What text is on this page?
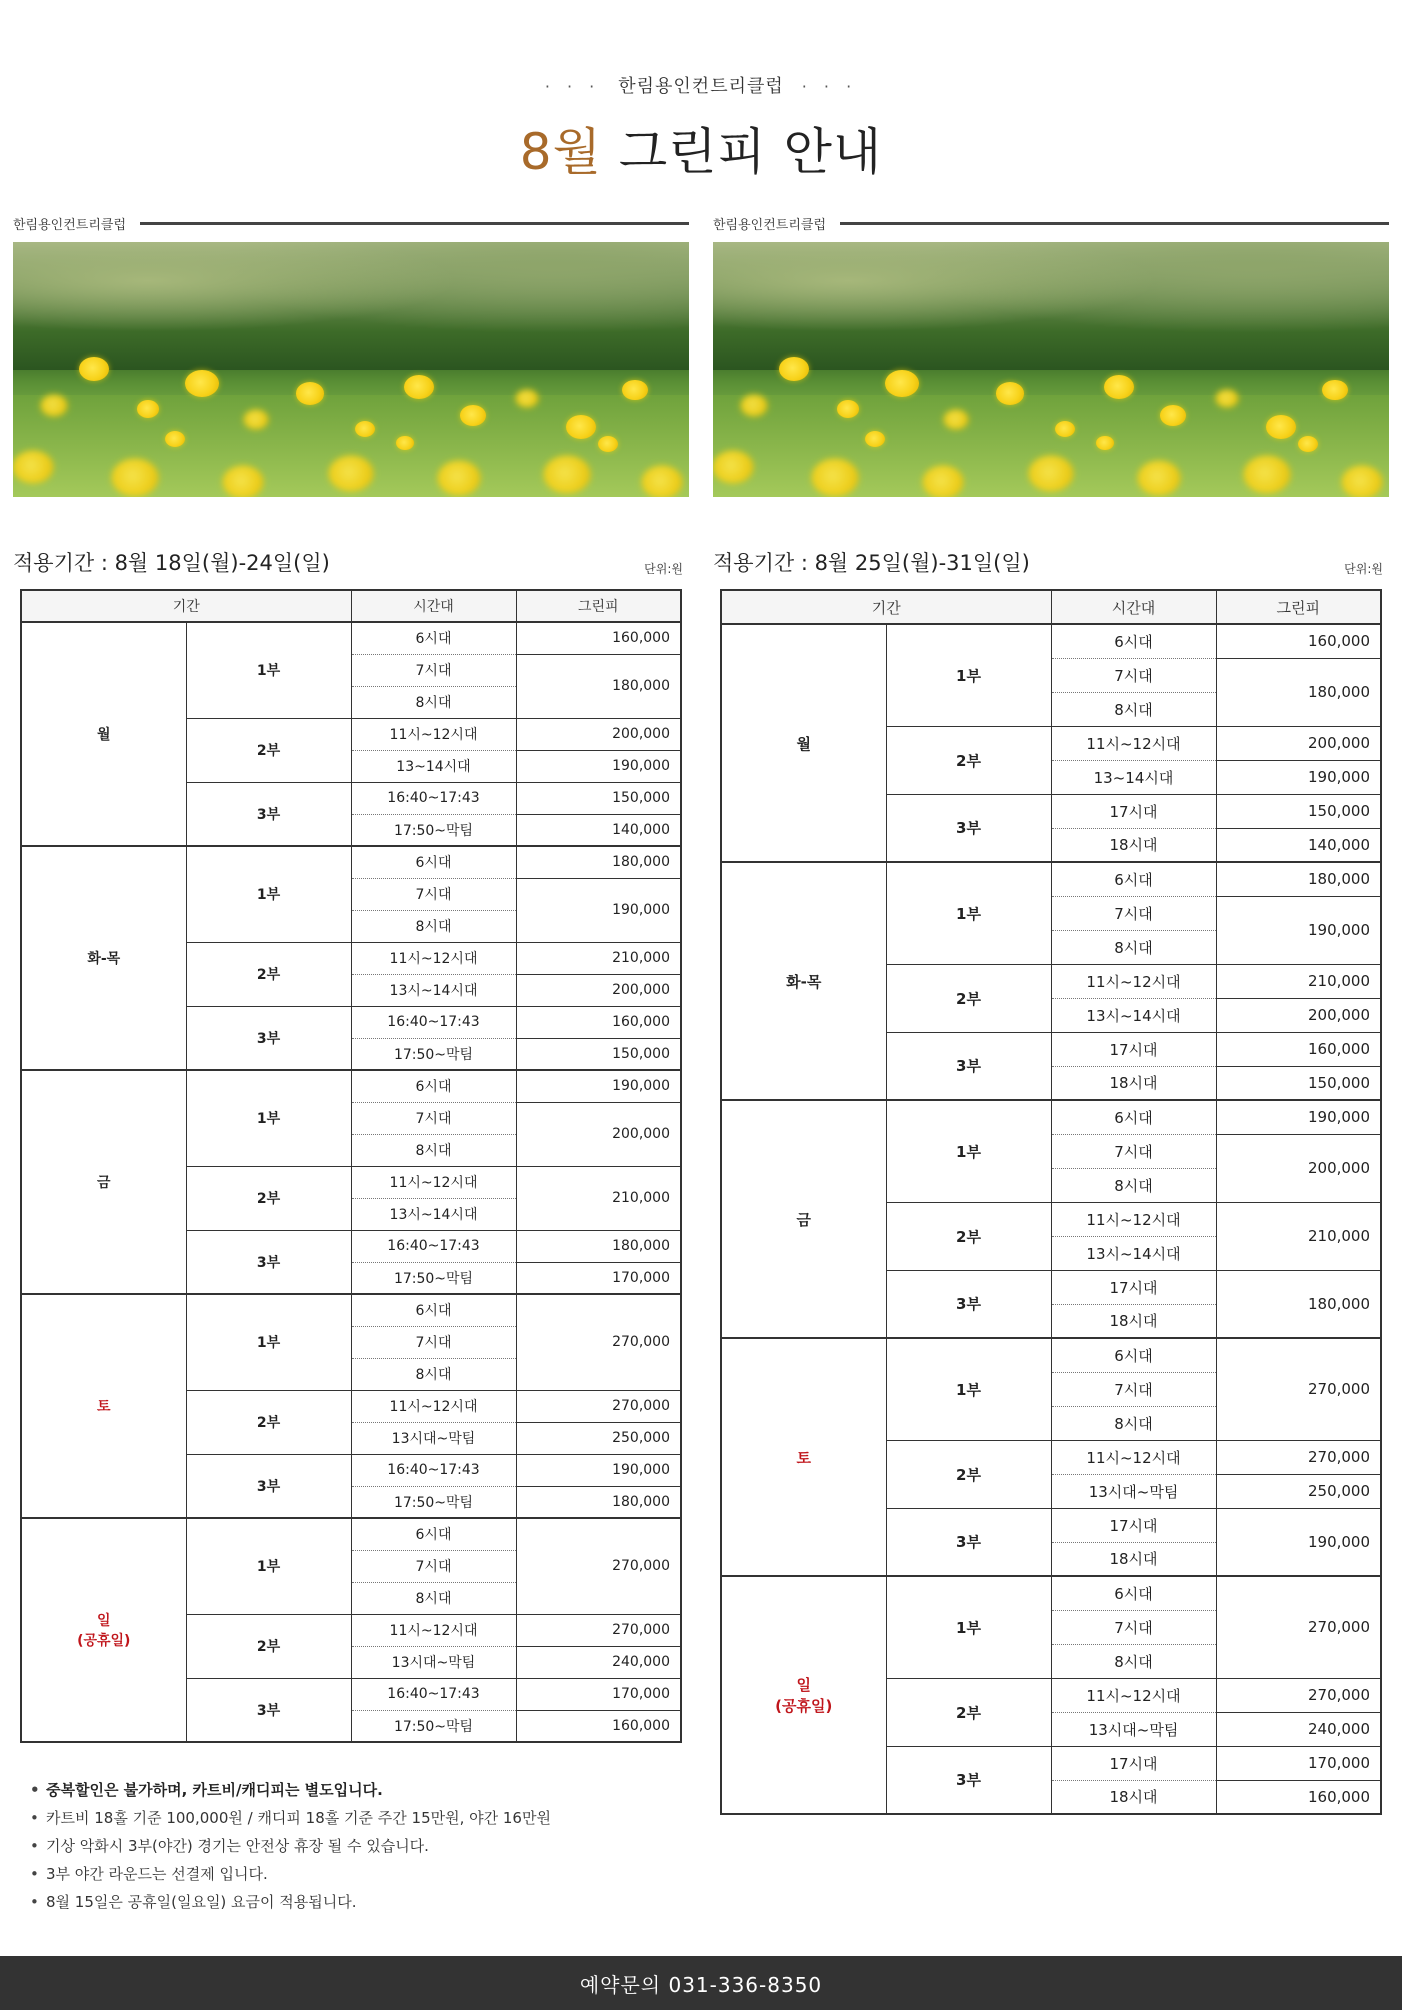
· · · 한림용인컨트리클럽 · · ·
8월 그린피 안내
한림용인컨트리클럽
적용기간 : 8월 18일(월)-24일(일)	단위:원
기간		시간대	그린피
월	1부	6시대	160,000
		7시대	180,000
		8시대	
	2부	11시~12시대	200,000
		13~14시대	190,000
	3부	16:40~17:43	150,000
		17:50~막팀	140,000
화-목	1부	6시대	180,000
		7시대	190,000
		8시대	
	2부	11시~12시대	210,000
		13시~14시대	200,000
	3부	16:40~17:43	160,000
		17:50~막팀	150,000
금	1부	6시대	190,000
		7시대	200,000
		8시대	
	2부	11시~12시대	210,000
		13시~14시대	
	3부	16:40~17:43	180,000
		17:50~막팀	170,000
토	1부	6시대	270,000
		7시대	
		8시대	
	2부	11시~12시대	270,000
		13시대~막팀	250,000
	3부	16:40~17:43	190,000
		17:50~막팀	180,000
일
(공휴일)	1부	6시대	270,000
		7시대	
		8시대	
	2부	11시~12시대	270,000
		13시대~막팀	240,000
	3부	16:40~17:43	170,000
		17:50~막팀	160,000
한림용인컨트리클럽
적용기간 : 8월 25일(월)-31일(일)	단위:원
기간		시간대	그린피
월	1부	6시대	160,000
		7시대	180,000
		8시대	
	2부	11시~12시대	200,000
		13~14시대	190,000
	3부	17시대	150,000
		18시대	140,000
화-목	1부	6시대	180,000
		7시대	190,000
		8시대	
	2부	11시~12시대	210,000
		13시~14시대	200,000
	3부	17시대	160,000
		18시대	150,000
금	1부	6시대	190,000
		7시대	200,000
		8시대	
	2부	11시~12시대	210,000
		13시~14시대	
	3부	17시대	180,000
		18시대	
토	1부	6시대	270,000
		7시대	
		8시대	
	2부	11시~12시대	270,000
		13시대~막팀	250,000
	3부	17시대	190,000
		18시대	
일
(공휴일)	1부	6시대	270,000
		7시대	
		8시대	
	2부	11시~12시대	270,000
		13시대~막팀	240,000
	3부	17시대	170,000
		18시대	160,000
• 중복할인은 불가하며, 카트비/캐디피는 별도입니다.
• 카트비 18홀 기준 100,000원 / 캐디피 18홀 기준 주간 15만원, 야간 16만원
• 기상 악화시 3부(야간) 경기는 안전상 휴장 될 수 있습니다.
• 3부 야간 라운드는 선결제 입니다.
• 8월 15일은 공휴일(일요일) 요금이 적용됩니다.
예약문의 031-336-8350
